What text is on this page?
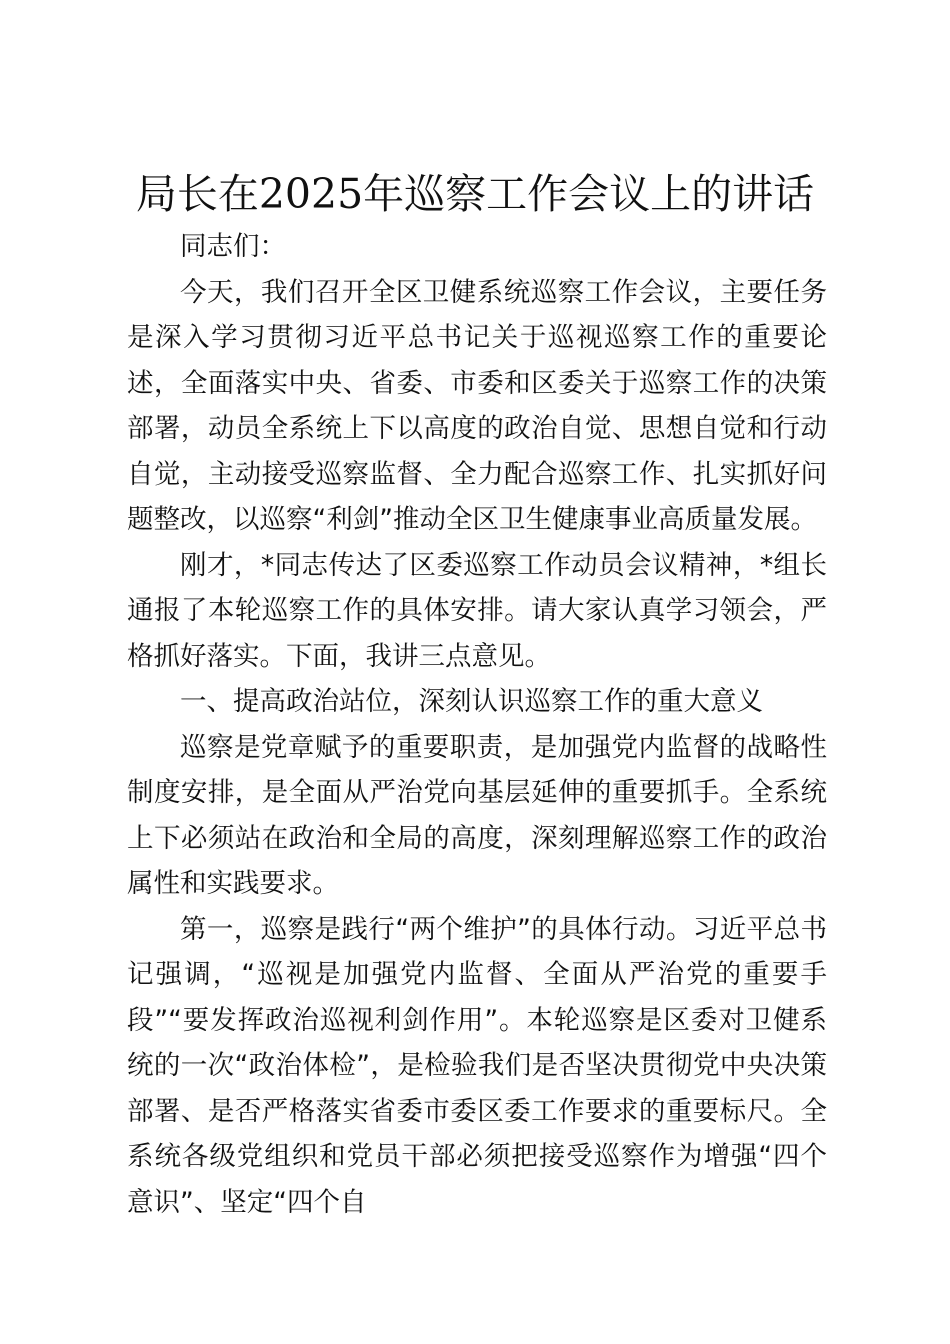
局长在2025年巡察工作会议上的讲话

同志们：

今天，我们召开全区卫健系统巡察工作会议，主要任务是深入学习贯彻习近平总书记关于巡视巡察工作的重要论述，全面落实中央、省委、市委和区委关于巡察工作的决策部署，动员全系统上下以高度的政治自觉、思想自觉和行动自觉，主动接受巡察监督、全力配合巡察工作、扎实抓好问题整改，以巡察“利剑”推动全区卫生健康事业高质量发展。

刚才，*同志传达了区委巡察工作动员会议精神，*组长通报了本轮巡察工作的具体安排。请大家认真学习领会，严格抓好落实。下面，我讲三点意见。

一、提高政治站位，深刻认识巡察工作的重大意义

巡察是党章赋予的重要职责，是加强党内监督的战略性制度安排，是全面从严治党向基层延伸的重要抓手。全系统上下必须站在政治和全局的高度，深刻理解巡察工作的政治属性和实践要求。

第一，巡察是践行“两个维护”的具体行动。习近平总书记强调，“巡视是加强党内监督、全面从严治党的重要手段”“要发挥政治巡视利剑作用”。本轮巡察是区委对卫健系统的一次“政治体检”，是检验我们是否坚决贯彻党中央决策部署、是否严格落实省委市委区委工作要求的重要标尺。全系统各级党组织和党员干部必须把接受巡察作为增强“四个意识”、坚定“四个自
